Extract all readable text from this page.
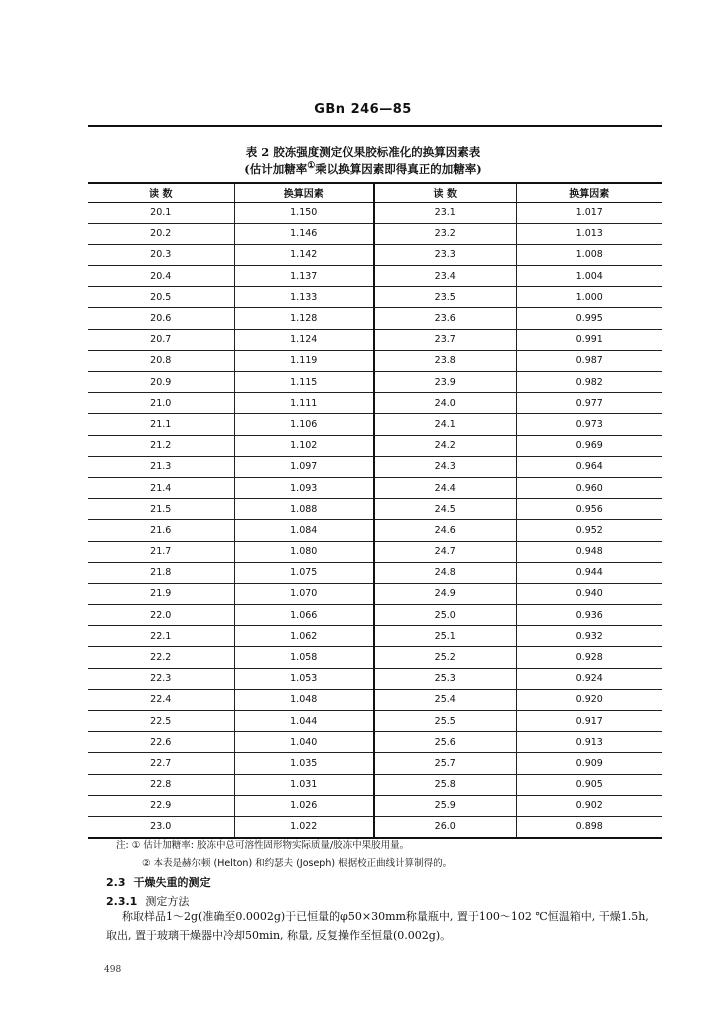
GBn 246—85
表 2 胶冻强度测定仪果胶标准化的换算因素表
(估计加糖率①乘以换算因素即得真正的加糖率)
读 数	换算因素	读 数	换算因素
20.1	1.150	23.1	1.017
20.2	1.146	23.2	1.013
20.3	1.142	23.3	1.008
20.4	1.137	23.4	1.004
20.5	1.133	23.5	1.000
20.6	1.128	23.6	0.995
20.7	1.124	23.7	0.991
20.8	1.119	23.8	0.987
20.9	1.115	23.9	0.982
21.0	1.111	24.0	0.977
21.1	1.106	24.1	0.973
21.2	1.102	24.2	0.969
21.3	1.097	24.3	0.964
21.4	1.093	24.4	0.960
21.5	1.088	24.5	0.956
21.6	1.084	24.6	0.952
21.7	1.080	24.7	0.948
21.8	1.075	24.8	0.944
21.9	1.070	24.9	0.940
22.0	1.066	25.0	0.936
22.1	1.062	25.1	0.932
22.2	1.058	25.2	0.928
22.3	1.053	25.3	0.924
22.4	1.048	25.4	0.920
22.5	1.044	25.5	0.917
22.6	1.040	25.6	0.913
22.7	1.035	25.7	0.909
22.8	1.031	25.8	0.905
22.9	1.026	25.9	0.902
23.0	1.022	26.0	0.898
注: ① 估计加糖率: 胶冻中总可溶性固形物实际质量/胶冻中果胶用量。
② 本表是赫尔顿 (Helton) 和约瑟夫 (Joseph) 根据校正曲线计算制得的。
2.3 干燥失重的测定
2.3.1 测定方法
称取样品1～2g(准确至0.0002g)于已恒量的φ50×30mm称量瓶中, 置于100～102 ℃恒温箱中, 干燥1.5h, 取出, 置于玻璃干燥器中冷却50min, 称量, 反复操作至恒量(0.002g)。
498
